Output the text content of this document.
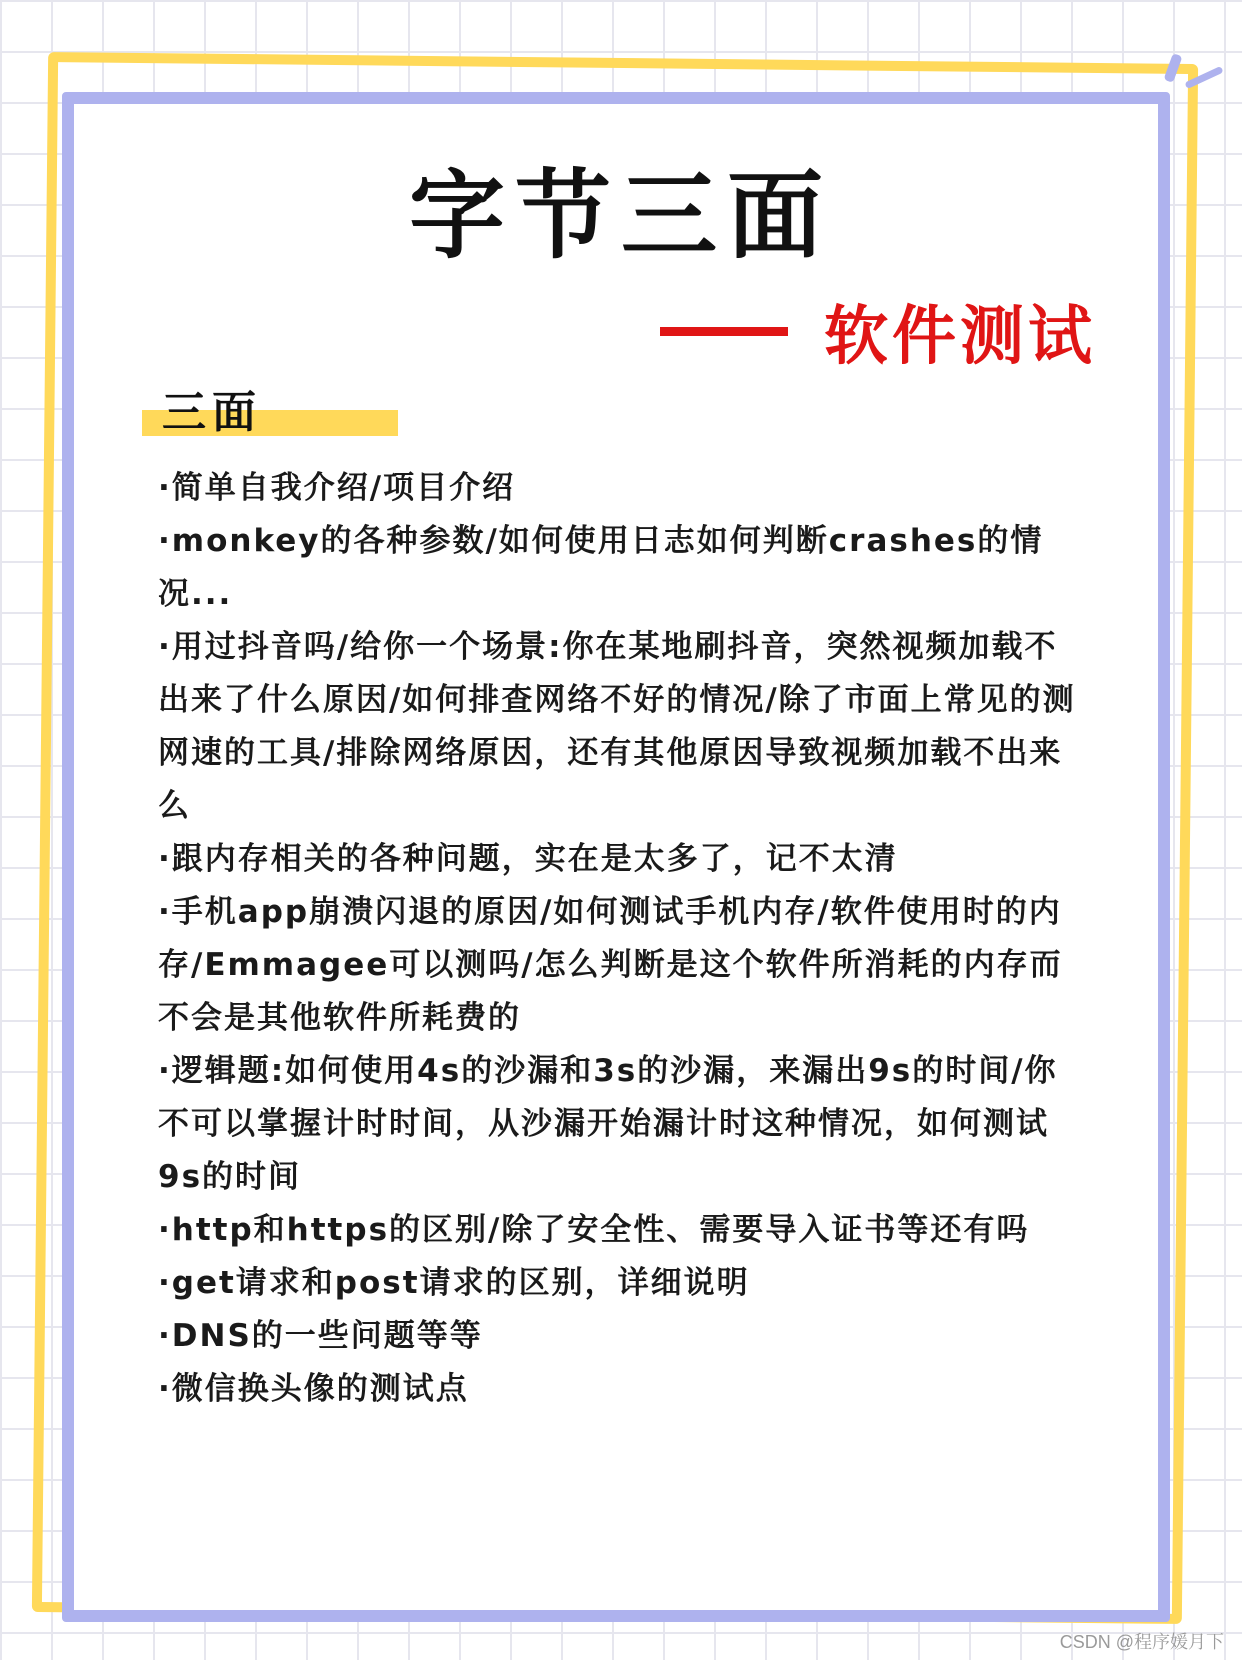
字节三面
软件测试
三面

·简单自我介绍/项目介绍

·monkey的各种参数/如何使用日志如何判断crashes的情况...

·用过抖音吗/给你一个场景:你在某地刷抖音，突然视频加载不出来了什么原因/如何排查网络不好的情况/除了市面上常见的测网速的工具/排除网络原因，还有其他原因导致视频加载不出来么

·跟内存相关的各种问题，实在是太多了，记不太清

·手机app崩溃闪退的原因/如何测试手机内存/软件使用时的内存/Emmagee可以测吗/怎么判断是这个软件所消耗的内存而不会是其他软件所耗费的

·逻辑题:如何使用4s的沙漏和3s的沙漏，来漏出9s的时间/你不可以掌握计时时间，从沙漏开始漏计时这种情况，如何测试9s的时间

·http和https的区别/除了安全性、需要导入证书等还有吗

·get请求和post请求的区别，详细说明

·DNS的一些问题等等

·微信换头像的测试点

CSDN @程序媛月下
